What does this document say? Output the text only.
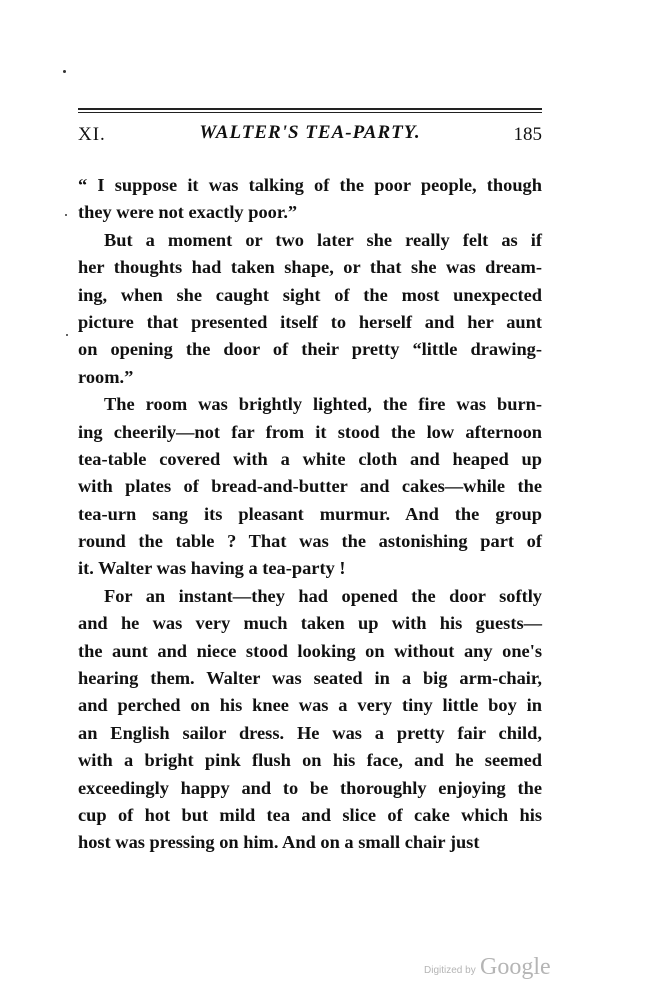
XI.	WALTER'S TEA-PARTY.	185
“ I suppose it was talking of the poor people, though
they were not exactly poor.”
But a moment or two later she really felt as if
her thoughts had taken shape, or that she was dream-
ing, when she caught sight of the most unexpected
picture that presented itself to herself and her aunt
on opening the door of their pretty “little drawing-
room.”
The room was brightly lighted, the fire was burn-
ing cheerily—not far from it stood the low afternoon
tea-table covered with a white cloth and heaped up
with plates of bread-and-butter and cakes—while the
tea-urn sang its pleasant murmur. And the group
round the table ? That was the astonishing part of
it. Walter was having a tea-party !
For an instant—they had opened the door softly
and he was very much taken up with his guests—
the aunt and niece stood looking on without any one's
hearing them. Walter was seated in a big arm-chair,
and perched on his knee was a very tiny little boy in
an English sailor dress. He was a pretty fair child,
with a bright pink flush on his face, and he seemed
exceedingly happy and to be thoroughly enjoying the
cup of hot but mild tea and slice of cake which his
host was pressing on him. And on a small chair just
Digitized by Google
